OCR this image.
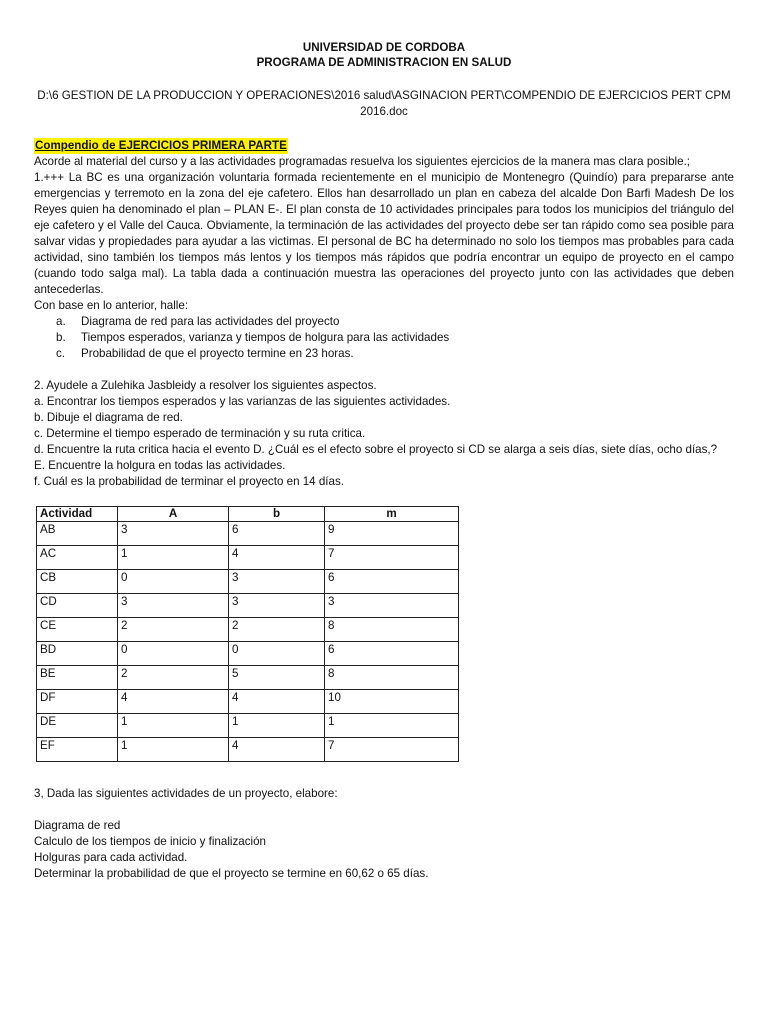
UNIVERSIDAD DE CORDOBA
PROGRAMA DE ADMINISTRACION EN SALUD
D:\6 GESTION DE LA PRODUCCION Y OPERACIONES\2016 salud\ASGINACION PERT\COMPENDIO DE EJERCICIOS PERT CPM
2016.doc
Compendio de EJERCICIOS PRIMERA PARTE

Acorde al material del curso y a las actividades programadas resuelva los siguientes ejercicios de la manera mas clara posible.;

1.+++ La BC es una organización voluntaria formada recientemente en el municipio de Montenegro (Quindío) para prepararse ante emergencias y terremoto en la zona del eje cafetero. Ellos han desarrollado un plan en cabeza del alcalde Don Barfi Madesh De los Reyes quien ha denominado el plan – PLAN E-. El plan consta de 10 actividades principales para todos los municipios del triángulo del eje cafetero y el Valle del Cauca. Obviamente, la terminación de las actividades del proyecto debe ser tan rápido como sea posible para salvar vidas y propiedades para ayudar a las victimas. El personal de BC ha determinado no solo los tiempos mas probables para cada actividad, sino también los tiempos más lentos y los tiempos más rápidos que podría encontrar un equipo de proyecto en el campo (cuando todo salga mal). La tabla dada a continuación muestra las operaciones del proyecto junto con las actividades que deben antecederlas.

Con base en lo anterior, halle:

a.	Diagrama de red para las actividades del proyecto
b.	Tiempos esperados, varianza y tiempos de holgura para las actividades
c.	Probabilidad de que el proyecto termine en 23 horas.

2. Ayudele a Zulehika Jasbleidy a resolver los siguientes aspectos.

a. Encontrar los tiempos esperados y las varianzas de las siguientes actividades.

b. Dibuje el diagrama de red.

c. Determine el tiempo esperado de terminación y su ruta critica.

d. Encuentre la ruta critica hacia el evento D. ¿Cuál es el efecto sobre el proyecto si CD se alarga a seis días, siete días, ocho días,?

E. Encuentre la holgura en todas las actividades.

f. Cuál es la probabilidad de terminar el proyecto en 14 días.

Actividad	A	b	m
AB	3	6	9
AC	1	4	7
CB	0	3	6
CD	3	3	3
CE	2	2	8
BD	0	0	6
BE	2	5	8
DF	4	4	10
DE	1	1	1
EF	1	4	7

3, Dada las siguientes actividades de un proyecto, elabore:

Diagrama de red

Calculo de los tiempos de inicio y finalización

Holguras para cada actividad.

Determinar la probabilidad de que el proyecto se termine en 60,62 o 65 días.
